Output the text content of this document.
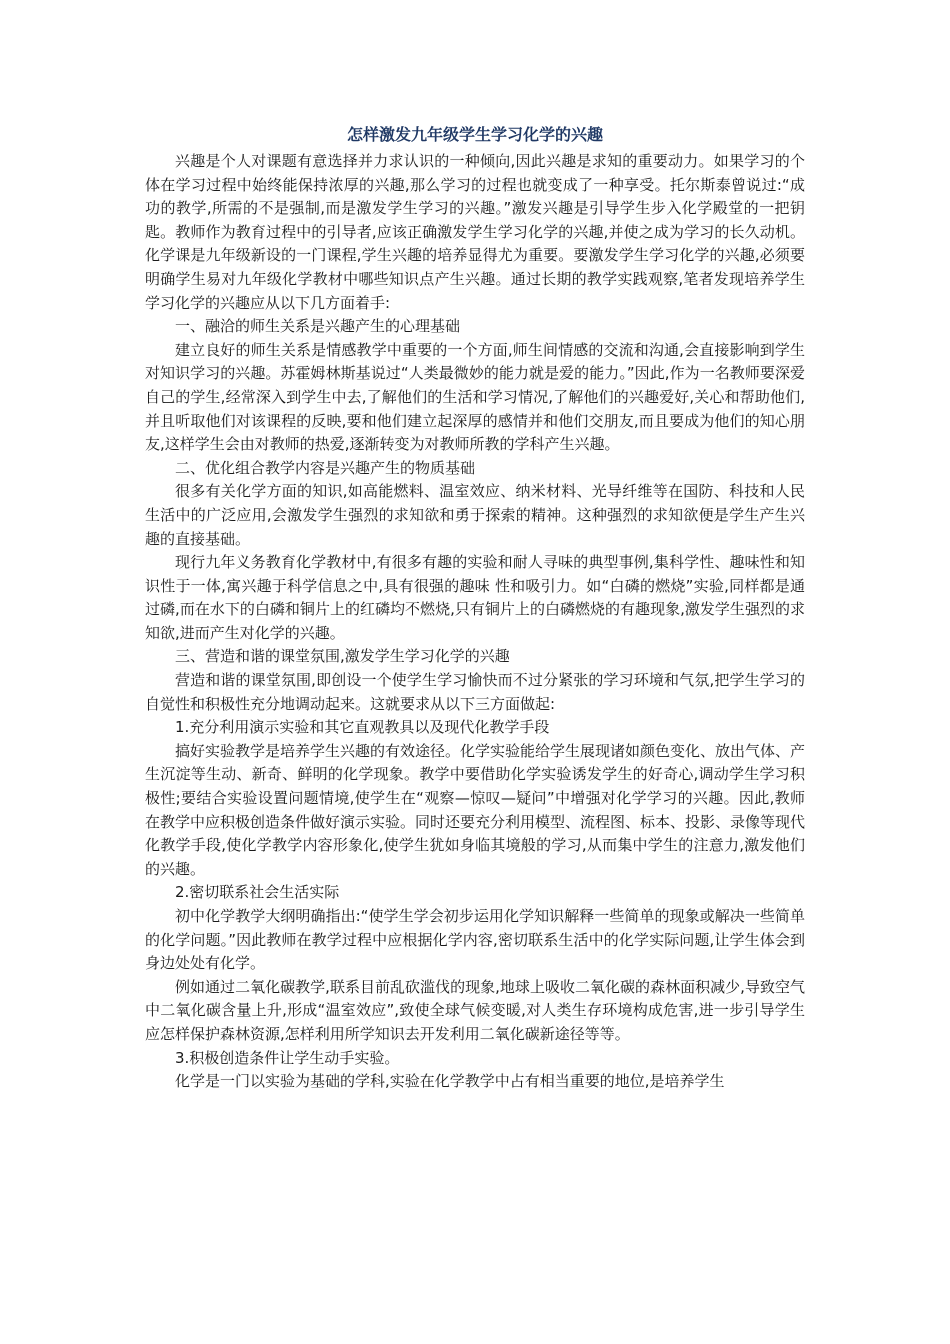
怎样激发九年级学生学习化学的兴趣

兴趣是个人对课题有意选择并力求认识的一种倾向,因此兴趣是求知的重要动力。如果学习的个体在学习过程中始终能保持浓厚的兴趣,那么学习的过程也就变成了一种享受。托尔斯泰曾说过:“成功的教学,所需的不是强制,而是激发学生学习的兴趣。”激发兴趣是引导学生步入化学殿堂的一把钥匙。教师作为教育过程中的引导者,应该正确激发学生学习化学的兴趣,并使之成为学习的长久动机。化学课是九年级新设的一门课程,学生兴趣的培养显得尤为重要。要激发学生学习化学的兴趣,必须要明确学生易对九年级化学教材中哪些知识点产生兴趣。通过长期的教学实践观察,笔者发现培养学生学习化学的兴趣应从以下几方面着手:

一、融洽的师生关系是兴趣产生的心理基础

建立良好的师生关系是情感教学中重要的一个方面,师生间情感的交流和沟通,会直接影响到学生对知识学习的兴趣。苏霍姆林斯基说过“人类最微妙的能力就是爱的能力。”因此,作为一名教师要深爱自己的学生,经常深入到学生中去,了解他们的生活和学习情况,了解他们的兴趣爱好,关心和帮助他们,并且听取他们对该课程的反映,要和他们建立起深厚的感情并和他们交朋友,而且要成为他们的知心朋友,这样学生会由对教师的热爱,逐渐转变为对教师所教的学科产生兴趣。

二、优化组合教学内容是兴趣产生的物质基础

很多有关化学方面的知识,如高能燃料、温室效应、纳米材料、光导纤维等在国防、科技和人民生活中的广泛应用,会激发学生强烈的求知欲和勇于探索的精神。这种强烈的求知欲便是学生产生兴趣的直接基础。

现行九年义务教育化学教材中,有很多有趣的实验和耐人寻味的典型事例,集科学性、趣味性和知识性于一体,寓兴趣于科学信息之中,具有很强的趣味 性和吸引力。如“白磷的燃烧”实验,同样都是通过磷,而在水下的白磷和铜片上的红磷均不燃烧,只有铜片上的白磷燃烧的有趣现象,激发学生强烈的求知欲,进而产生对化学的兴趣。

三、营造和谐的课堂氛围,激发学生学习化学的兴趣

营造和谐的课堂氛围,即创设一个使学生学习愉快而不过分紧张的学习环境和气氛,把学生学习的自觉性和积极性充分地调动起来。这就要求从以下三方面做起:

1.充分利用演示实验和其它直观教具以及现代化教学手段

搞好实验教学是培养学生兴趣的有效途径。化学实验能给学生展现诸如颜色变化、放出气体、产生沉淀等生动、新奇、鲜明的化学现象。教学中要借助化学实验诱发学生的好奇心,调动学生学习积极性;要结合实验设置问题情境,使学生在“观察—惊叹—疑问”中增强对化学学习的兴趣。因此,教师在教学中应积极创造条件做好演示实验。同时还要充分利用模型、流程图、标本、投影、录像等现代化教学手段,使化学教学内容形象化,使学生犹如身临其境般的学习,从而集中学生的注意力,激发他们的兴趣。

2.密切联系社会生活实际

初中化学教学大纲明确指出:“使学生学会初步运用化学知识解释一些简单的现象或解决一些简单的化学问题。”因此教师在教学过程中应根据化学内容,密切联系生活中的化学实际问题,让学生体会到身边处处有化学。

例如通过二氧化碳教学,联系目前乱砍滥伐的现象,地球上吸收二氧化碳的森林面积减少,导致空气中二氧化碳含量上升,形成“温室效应”,致使全球气候变暖,对人类生存环境构成危害,进一步引导学生应怎样保护森林资源,怎样利用所学知识去开发利用二氧化碳新途径等等。

3.积极创造条件让学生动手实验。

化学是一门以实验为基础的学科,实验在化学教学中占有相当重要的地位,是培养学生
